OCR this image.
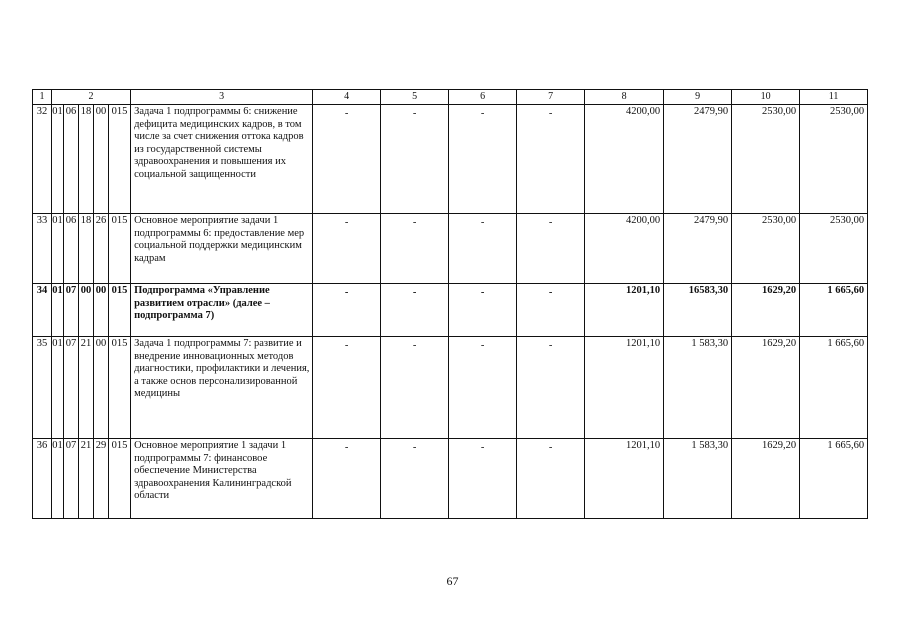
1	2					3	4	5	6	7	8	9	10	11
32	01	06	18	00	015	Задача 1 подпрограммы 6: снижение дефицита медицинских кадров, в том числе за счет снижения оттока кадров из государственной системы здравоохранения и повышения их социальной защищенности	-	-	-	-	4200,00	2479,90	2530,00	2530,00
33	01	06	18	26	015	Основное мероприятие задачи 1 подпрограммы 6: предоставление мер социальной поддержки медицинским кадрам	-	-	-	-	4200,00	2479,90	2530,00	2530,00
34	01	07	00	00	015	Подпрограмма «Управление развитием отрасли» (далее – подпрограмма 7)	-	-	-	-	1201,10	16583,30	1629,20	1 665,60
35	01	07	21	00	015	Задача 1 подпрограммы 7: развитие и внедрение инновационных методов диагностики, профилактики и лечения, а также основ персонализированной медицины	-	-	-	-	1201,10	1 583,30	1629,20	1 665,60
36	01	07	21	29	015	Основное мероприятие 1 задачи 1 подпрограммы 7: финансовое обеспечение Министерства здравоохранения Калининградской области	-	-	-	-	1201,10	1 583,30	1629,20	1 665,60
67
